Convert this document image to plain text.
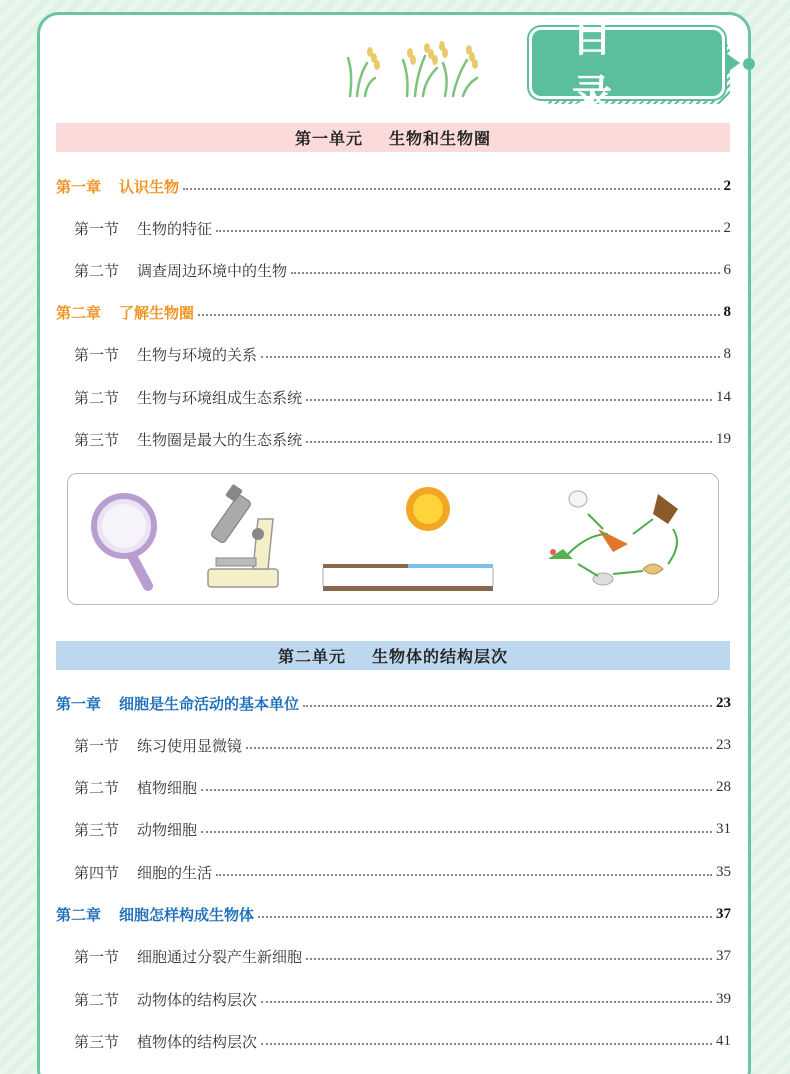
目录
第一单元 生物和生物圈
第一章 认识生物	2
第一节 生物的特征	2
第二节 调查周边环境中的生物	6
第二章 了解生物圈	8
第一节 生物与环境的关系	8
第二节 生物与环境组成生态系统	14
第三节 生物圈是最大的生态系统	19
第二单元 生物体的结构层次
第一章 细胞是生命活动的基本单位	23
第一节 练习使用显微镜	23
第二节 植物细胞	28
第三节 动物细胞	31
第四节 细胞的生活	35
第二章 细胞怎样构成生物体	37
第一节 细胞通过分裂产生新细胞	37
第二节 动物体的结构层次	39
第三节 植物体的结构层次	41
